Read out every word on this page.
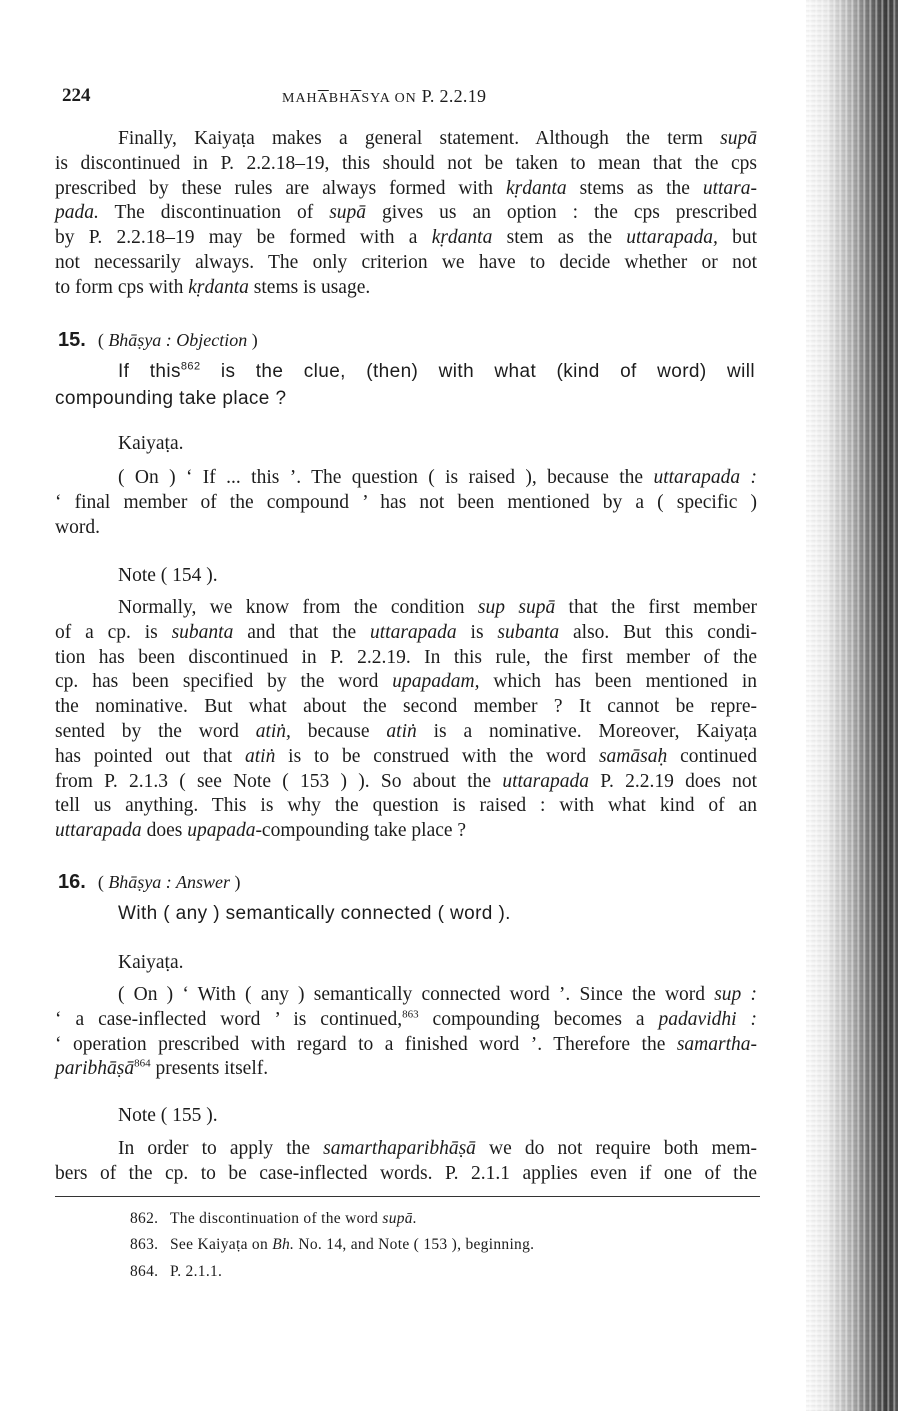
224	$MAH\overline{A}BH\overline{A}SYA$ ON P. 2.2.19
Finally, Kaiyaṭa makes a general statement. Although the term supā
is discontinued in P. 2.2.18–19, this should not be taken to mean that the cps
prescribed by these rules are always formed with kṛdanta stems as the uttara-
pada. The discontinuation of supā gives us an option : the cps prescribed
by P. 2.2.18–19 may be formed with a kṛdanta stem as the uttarapada, but
not necessarily always. The only criterion we have to decide whether or not
to form cps with kṛdanta stems is usage.
15. ( Bhāṣya : Objection )
If this$^{862}$ is the clue, (then) with what (kind of word) will
compounding take place ?
Kaiyaṭa.
( On ) ‘ If ... this ’. The question ( is raised ), because the uttarapada :
‘ final member of the compound ’ has not been mentioned by a ( specific )
word.
Note ( 154 ).
Normally, we know from the condition sup supā that the first member
of a cp. is subanta and that the uttarapada is subanta also. But this condi-
tion has been discontinued in P. 2.2.19. In this rule, the first member of the
cp. has been specified by the word upapadam, which has been mentioned in
the nominative. But what about the second member ? It cannot be repre-
sented by the word atiṅ, because atiṅ is a nominative. Moreover, Kaiyaṭa
has pointed out that atiṅ is to be construed with the word samāsaḥ continued
from P. 2.1.3 ( see Note ( 153 ) ). So about the uttarapada P. 2.2.19 does not
tell us anything. This is why the question is raised : with what kind of an
uttarapada does upapada-compounding take place ?
16. ( Bhāṣya : Answer )
With ( any ) semantically connected ( word ).
Kaiyaṭa.
( On ) ‘ With ( any ) semantically connected word ’. Since the word sup :
‘ a case-inflected word ’ is continued,$^{863}$ compounding becomes a padavidhi :
‘ operation prescribed with regard to a finished word ’. Therefore the samartha-
paribhāṣā$^{864}$ presents itself.
Note ( 155 ).
In order to apply the samarthaparibhāṣā we do not require both mem-
bers of the cp. to be case-inflected words. P. 2.1.1 applies even if one of the
862. The discontinuation of the word supā.
863. See Kaiyaṭa on Bh. No. 14, and Note ( 153 ), beginning.
864. P. 2.1.1.
